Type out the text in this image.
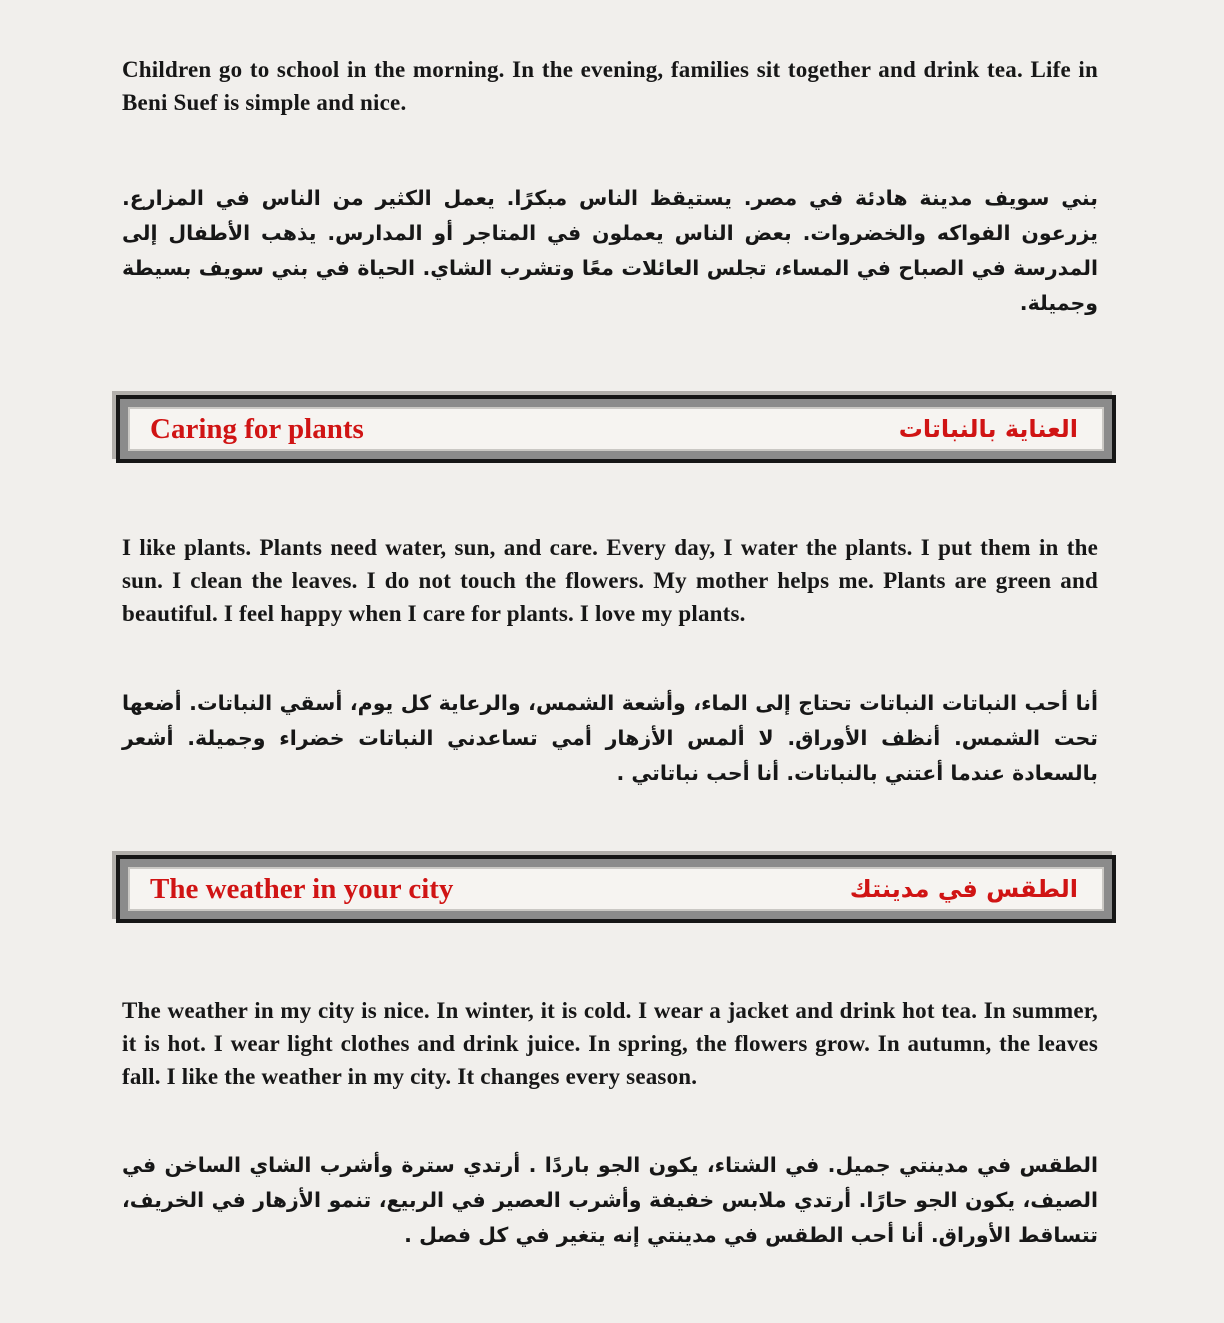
Children go to school in the morning. In the evening, families sit together and drink tea. Life in Beni Suef is simple and nice.

بني سويف مدينة هادئة في مصر. يستيقظ الناس مبكرًا. يعمل الكثير من الناس في المزارع. يزرعون الفواكه والخضروات. بعض الناس يعملون في المتاجر أو المدارس. يذهب الأطفال إلى المدرسة في الصباح في المساء، تجلس العائلات معًا وتشرب الشاي. الحياة في بني سويف بسيطة وجميلة.

Caring for plants	العناية بالنباتات

I like plants. Plants need water, sun, and care. Every day, I water the plants. I put them in the sun. I clean the leaves. I do not touch the flowers. My mother helps me. Plants are green and beautiful. I feel happy when I care for plants. I love my plants.

أنا أحب النباتات النباتات تحتاج إلى الماء، وأشعة الشمس، والرعاية كل يوم، أسقي النباتات. أضعها تحت الشمس. أنظف الأوراق. لا ألمس الأزهار أمي تساعدني النباتات خضراء وجميلة. أشعر بالسعادة عندما أعتني بالنباتات. أنا أحب نباتاتي .

The weather in your city	الطقس في مدينتك

The weather in my city is nice. In winter, it is cold. I wear a jacket and drink hot tea. In summer, it is hot. I wear light clothes and drink juice. In spring, the flowers grow. In autumn, the leaves fall. I like the weather in my city. It changes every season.

الطقس في مدينتي جميل. في الشتاء، يكون الجو باردًا . أرتدي سترة وأشرب الشاي الساخن في الصيف، يكون الجو حارًا. أرتدي ملابس خفيفة وأشرب العصير في الربيع، تنمو الأزهار في الخريف، تتساقط الأوراق. أنا أحب الطقس في مدينتي إنه يتغير في كل فصل .
